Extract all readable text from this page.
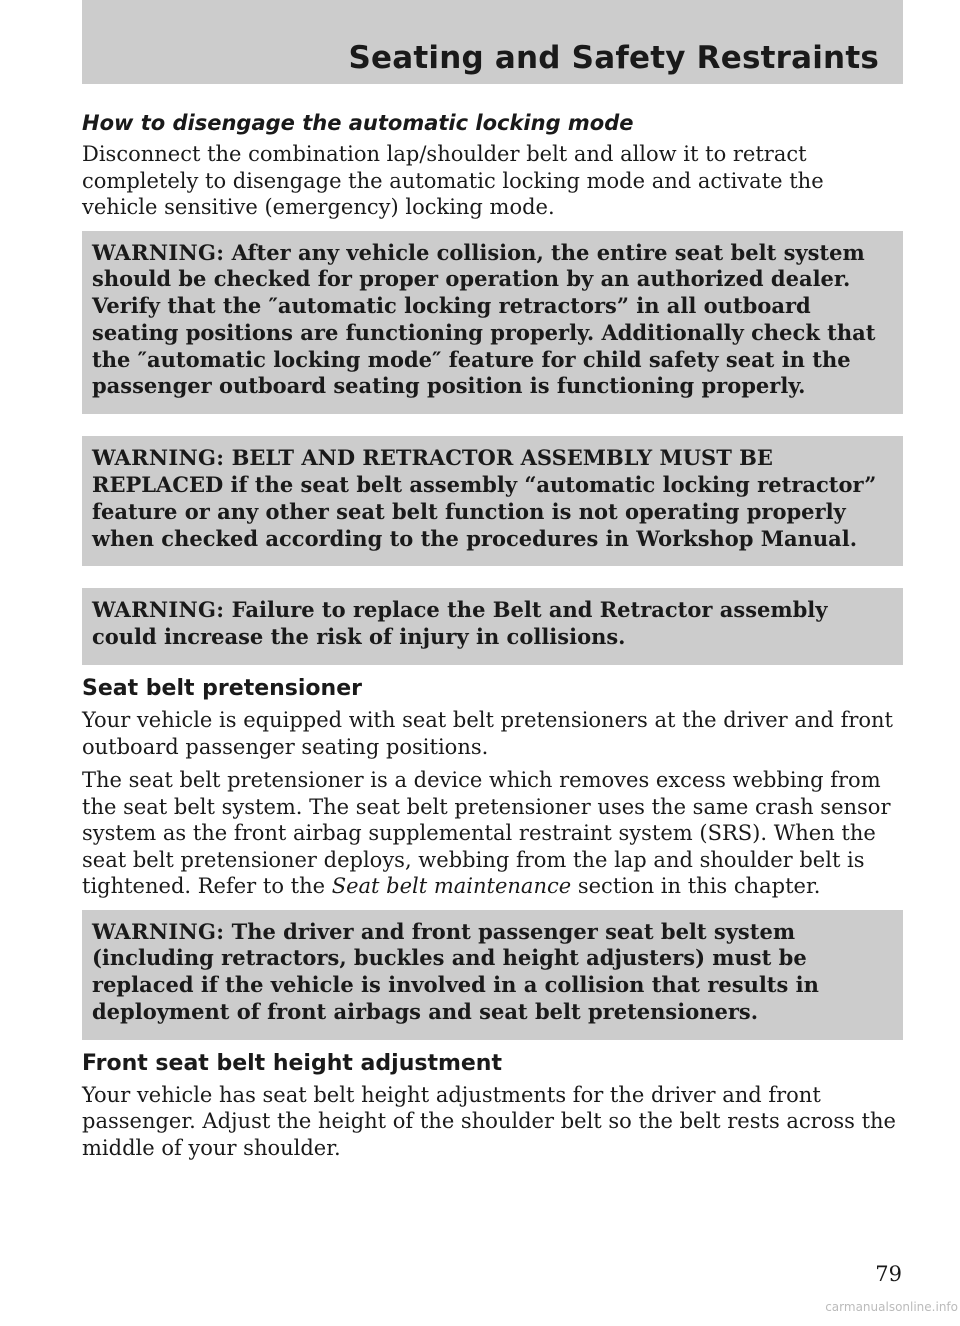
Seating and Safety Restraints
How to disengage the automatic locking mode

Disconnect the combination lap/shoulder belt and allow it to retract completely to disengage the automatic locking mode and activate the vehicle sensitive (emergency) locking mode.

WARNING: After any vehicle collision, the entire seat belt system should be checked for proper operation by an authorized dealer. Verify that the ″automatic locking retractors” in all outboard seating positions are functioning properly. Additionally check that the ″automatic locking mode″ feature for child safety seat in the passenger outboard seating position is functioning properly.
WARNING: BELT AND RETRACTOR ASSEMBLY MUST BE REPLACED if the seat belt assembly “automatic locking retractor” feature or any other seat belt function is not operating properly when checked according to the procedures in Workshop Manual.
WARNING: Failure to replace the Belt and Retractor assembly could increase the risk of injury in collisions.
Seat belt pretensioner

Your vehicle is equipped with seat belt pretensioners at the driver and front outboard passenger seating positions.

The seat belt pretensioner is a device which removes excess webbing from the seat belt system. The seat belt pretensioner uses the same crash sensor system as the front airbag supplemental restraint system (SRS). When the seat belt pretensioner deploys, webbing from the lap and shoulder belt is tightened. Refer to the Seat belt maintenance section in this chapter.

WARNING: The driver and front passenger seat belt system (including retractors, buckles and height adjusters) must be replaced if the vehicle is involved in a collision that results in deployment of front airbags and seat belt pretensioners.
Front seat belt height adjustment

Your vehicle has seat belt height adjustments for the driver and front passenger. Adjust the height of the shoulder belt so the belt rests across the middle of your shoulder.

79
carmanualsonline.info
